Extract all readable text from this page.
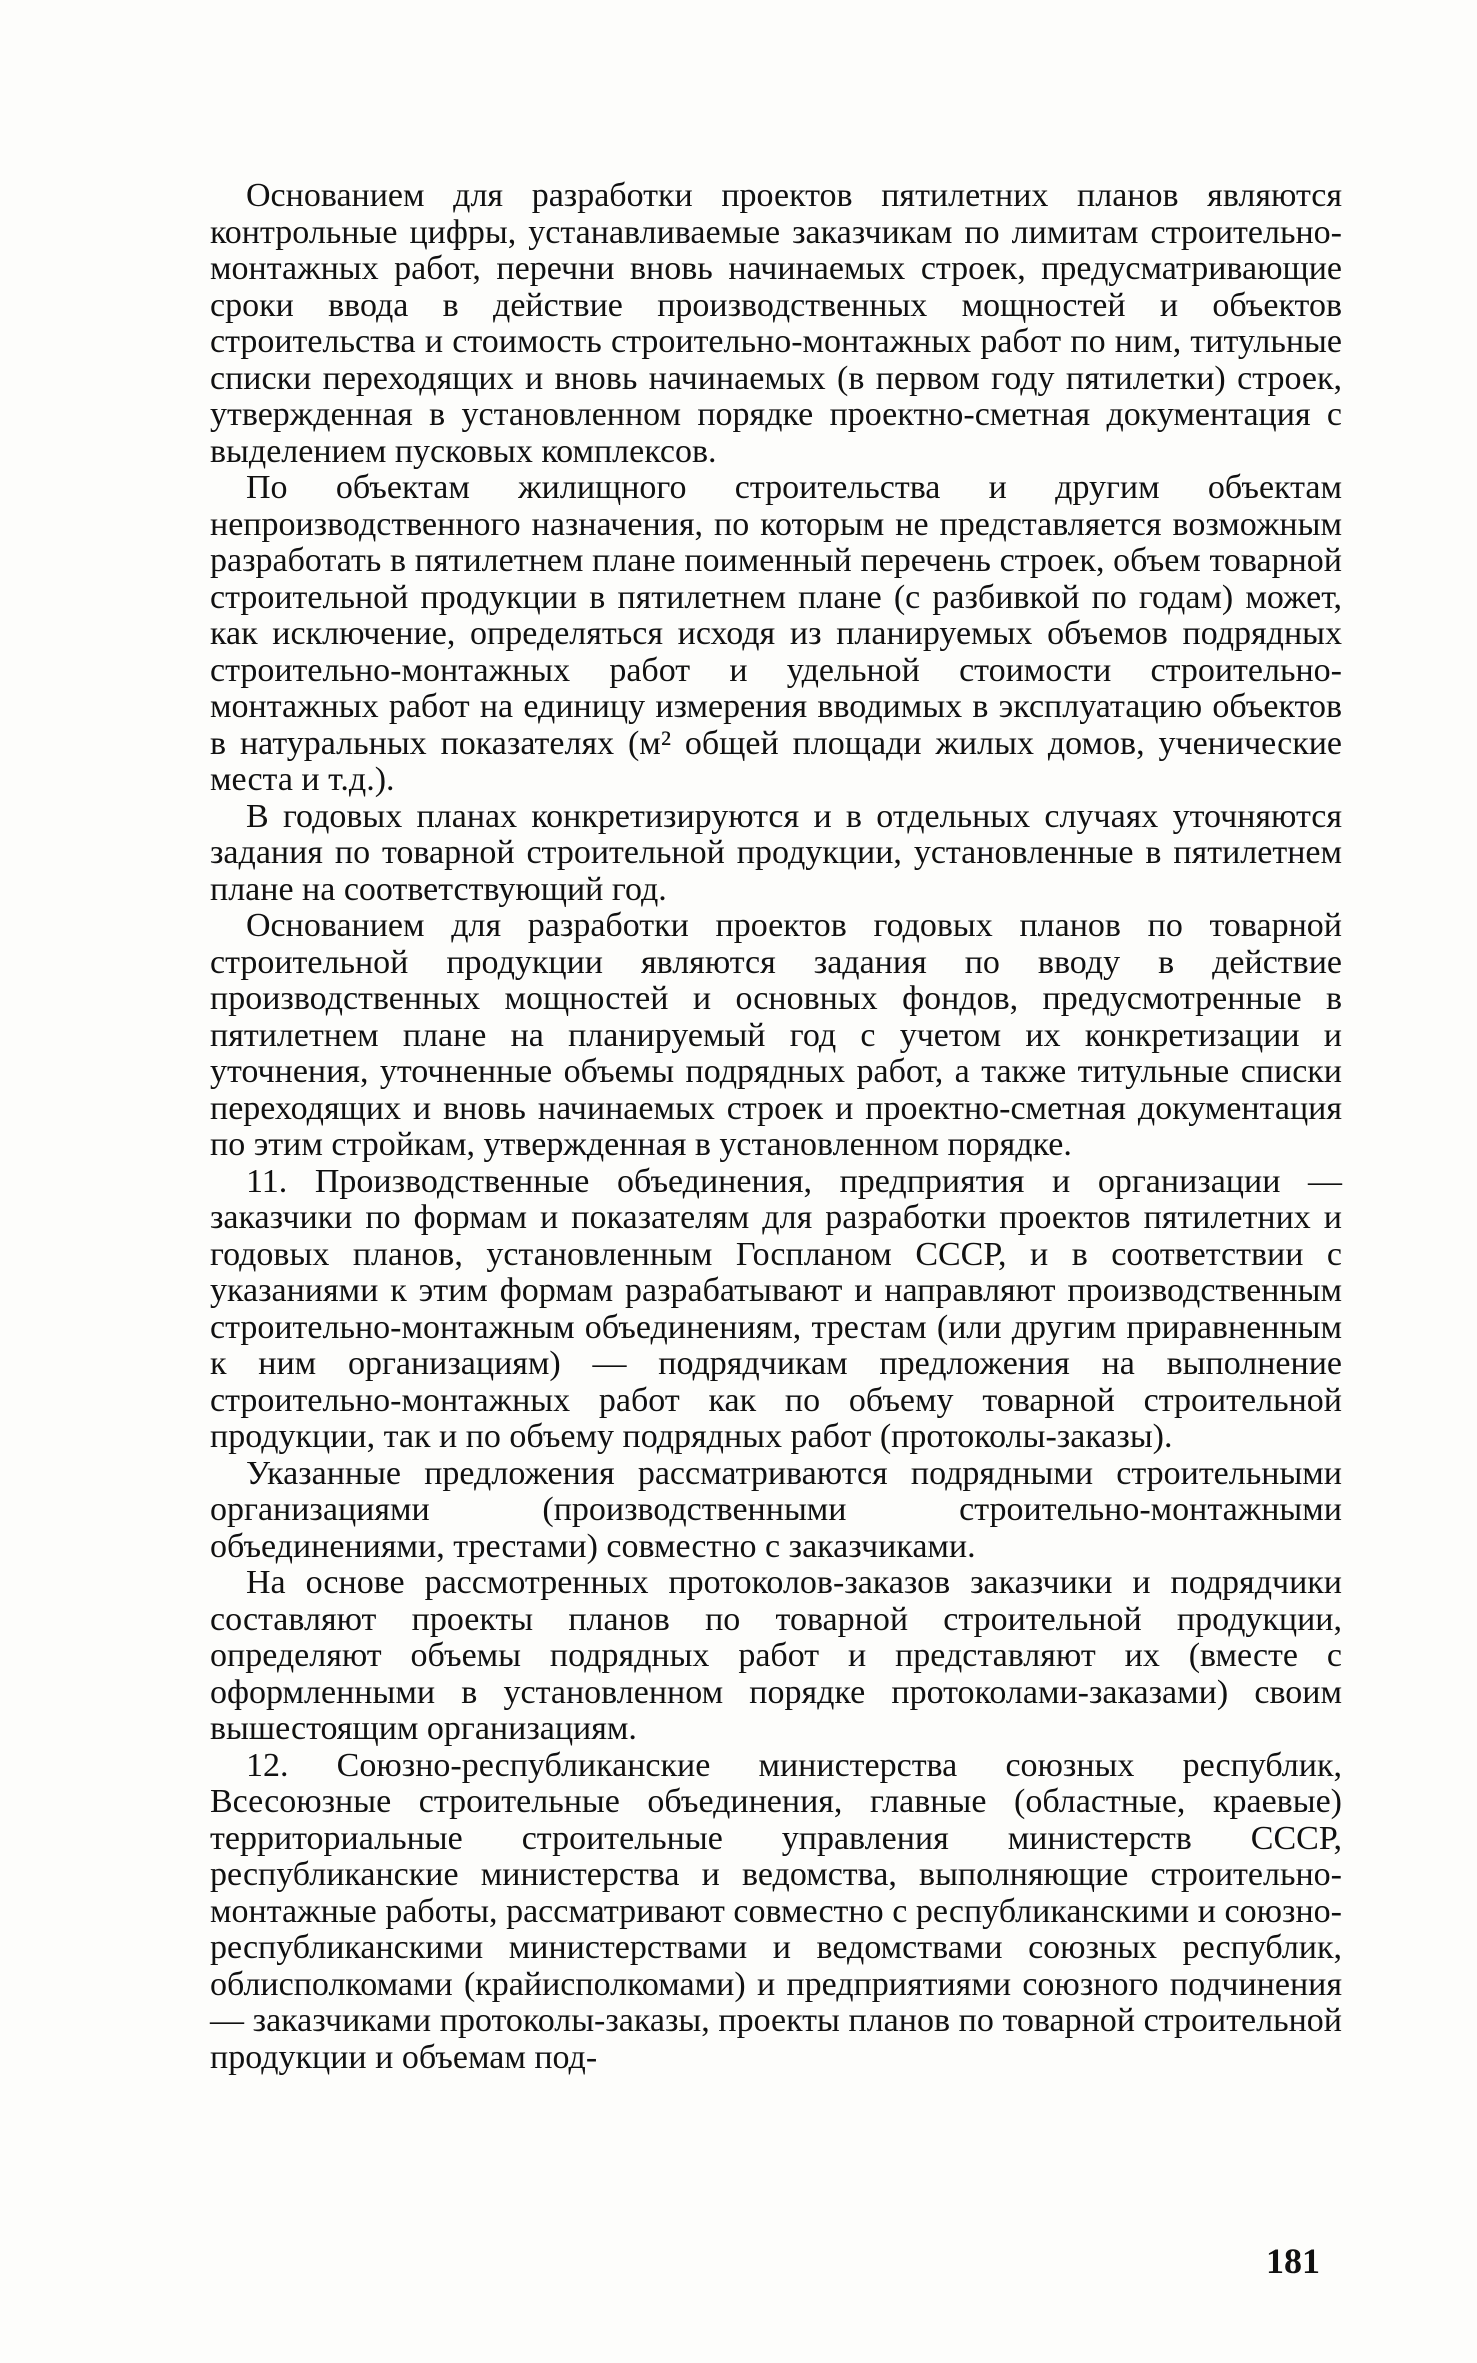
Основанием для разработки проектов пятилетних планов являются контрольные цифры, устанавливаемые заказчикам по лимитам строительно-монтажных работ, перечни вновь начинаемых строек, предусматривающие сроки ввода в действие производственных мощностей и объектов строительства и стоимость строительно-монтажных работ по ним, титульные списки переходящих и вновь начинаемых (в первом году пятилетки) строек, утвержденная в установленном порядке проектно-сметная документация с выделением пусковых комплексов.

По объектам жилищного строительства и другим объектам непроизводственного назначения, по которым не представляется возможным разработать в пятилетнем плане поименный перечень строек, объем товарной строительной продукции в пятилетнем плане (с разбивкой по годам) может, как исключение, определяться исходя из планируемых объемов подрядных строительно-монтажных работ и удельной стоимости строительно-монтажных работ на единицу измерения вводимых в эксплуатацию объектов в натуральных показателях (м² общей площади жилых домов, ученические места и т.д.).

В годовых планах конкретизируются и в отдельных случаях уточняются задания по товарной строительной продукции, установленные в пятилетнем плане на соответствующий год.

Основанием для разработки проектов годовых планов по товарной строительной продукции являются задания по вводу в действие производственных мощностей и основных фондов, предусмотренные в пятилетнем плане на планируемый год с учетом их конкретизации и уточнения, уточненные объемы подрядных работ, а также титульные списки переходящих и вновь начинаемых строек и проектно-сметная документация по этим стройкам, утвержденная в установленном порядке.

11. Производственные объединения, предприятия и организации — заказчики по формам и показателям для разработки проектов пятилетних и годовых планов, установленным Госпланом СССР, и в соответствии с указаниями к этим формам разрабатывают и направляют производственным строительно-монтажным объединениям, трестам (или другим приравненным к ним организациям) — подрядчикам предложения на выполнение строительно-монтажных работ как по объему товарной строительной продукции, так и по объему подрядных работ (протоколы-заказы).

Указанные предложения рассматриваются подрядными строительными организациями (производственными строительно-монтажными объединениями, трестами) совместно с заказчиками.

На основе рассмотренных протоколов-заказов заказчики и подрядчики составляют проекты планов по товарной строительной продукции, определяют объемы подрядных работ и представляют их (вместе с оформленными в установленном порядке протоколами-заказами) своим вышестоящим организациям.

12. Союзно-республиканские министерства союзных республик, Всесоюзные строительные объединения, главные (областные, краевые) территориальные строительные управления министерств СССР, республиканские министерства и ведомства, выполняющие строительно-монтажные работы, рассматривают совместно с республиканскими и союзно-республиканскими министерствами и ведомствами союзных республик, облисполкомами (крайисполкомами) и предприятиями союзного подчинения — заказчиками протоколы-заказы, проекты планов по товарной строительной продукции и объемам под-

181
